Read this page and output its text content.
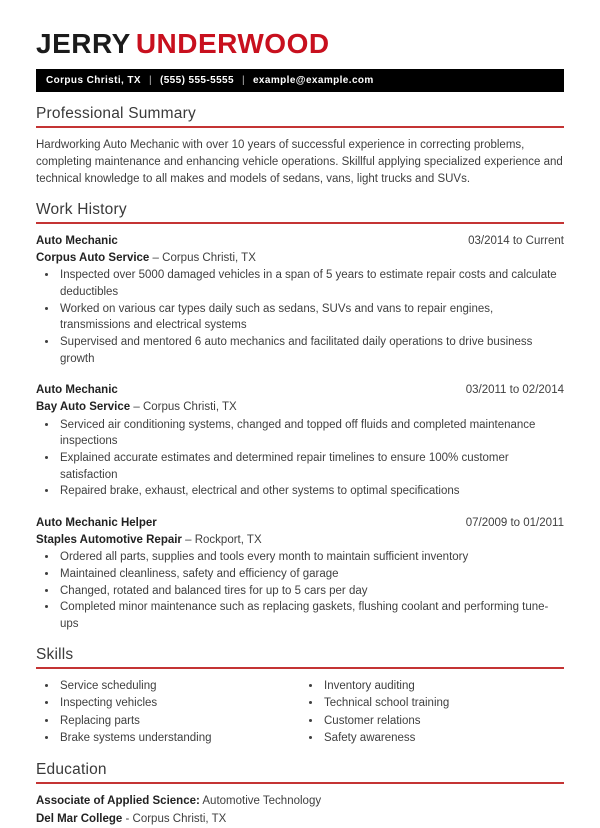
JERRY UNDERWOOD
Corpus Christi, TX | (555) 555-5555 | example@example.com
Professional Summary

Hardworking Auto Mechanic with over 10 years of successful experience in correcting problems, completing maintenance and enhancing vehicle operations. Skillful applying specialized experience and technical knowledge to all makes and models of sedans, vans, light trucks and SUVs.

Work History
Auto Mechanic	03/2014 to Current
Corpus Auto Service – Corpus Christi, TX
• Inspected over 5000 damaged vehicles in a span of 5 years to estimate repair costs and calculate deductibles
• Worked on various car types daily such as sedans, SUVs and vans to repair engines, transmissions and electrical systems
• Supervised and mentored 6 auto mechanics and facilitated daily operations to drive business growth
Auto Mechanic	03/2011 to 02/2014
Bay Auto Service – Corpus Christi, TX
• Serviced air conditioning systems, changed and topped off fluids and completed maintenance inspections
• Explained accurate estimates and determined repair timelines to ensure 100% customer satisfaction
• Repaired brake, exhaust, electrical and other systems to optimal specifications
Auto Mechanic Helper	07/2009 to 01/2011
Staples Automotive Repair – Rockport, TX
• Ordered all parts, supplies and tools every month to maintain sufficient inventory
• Maintained cleanliness, safety and efficiency of garage
• Changed, rotated and balanced tires for up to 5 cars per day
• Completed minor maintenance such as replacing gaskets, flushing coolant and performing tune-ups
Skills
• Service scheduling
• Inspecting vehicles
• Replacing parts
• Brake systems understanding
• Inventory auditing
• Technical school training
• Customer relations
• Safety awareness
Education

Associate of Applied Science: Automotive Technology

Del Mar College - Corpus Christi, TX
